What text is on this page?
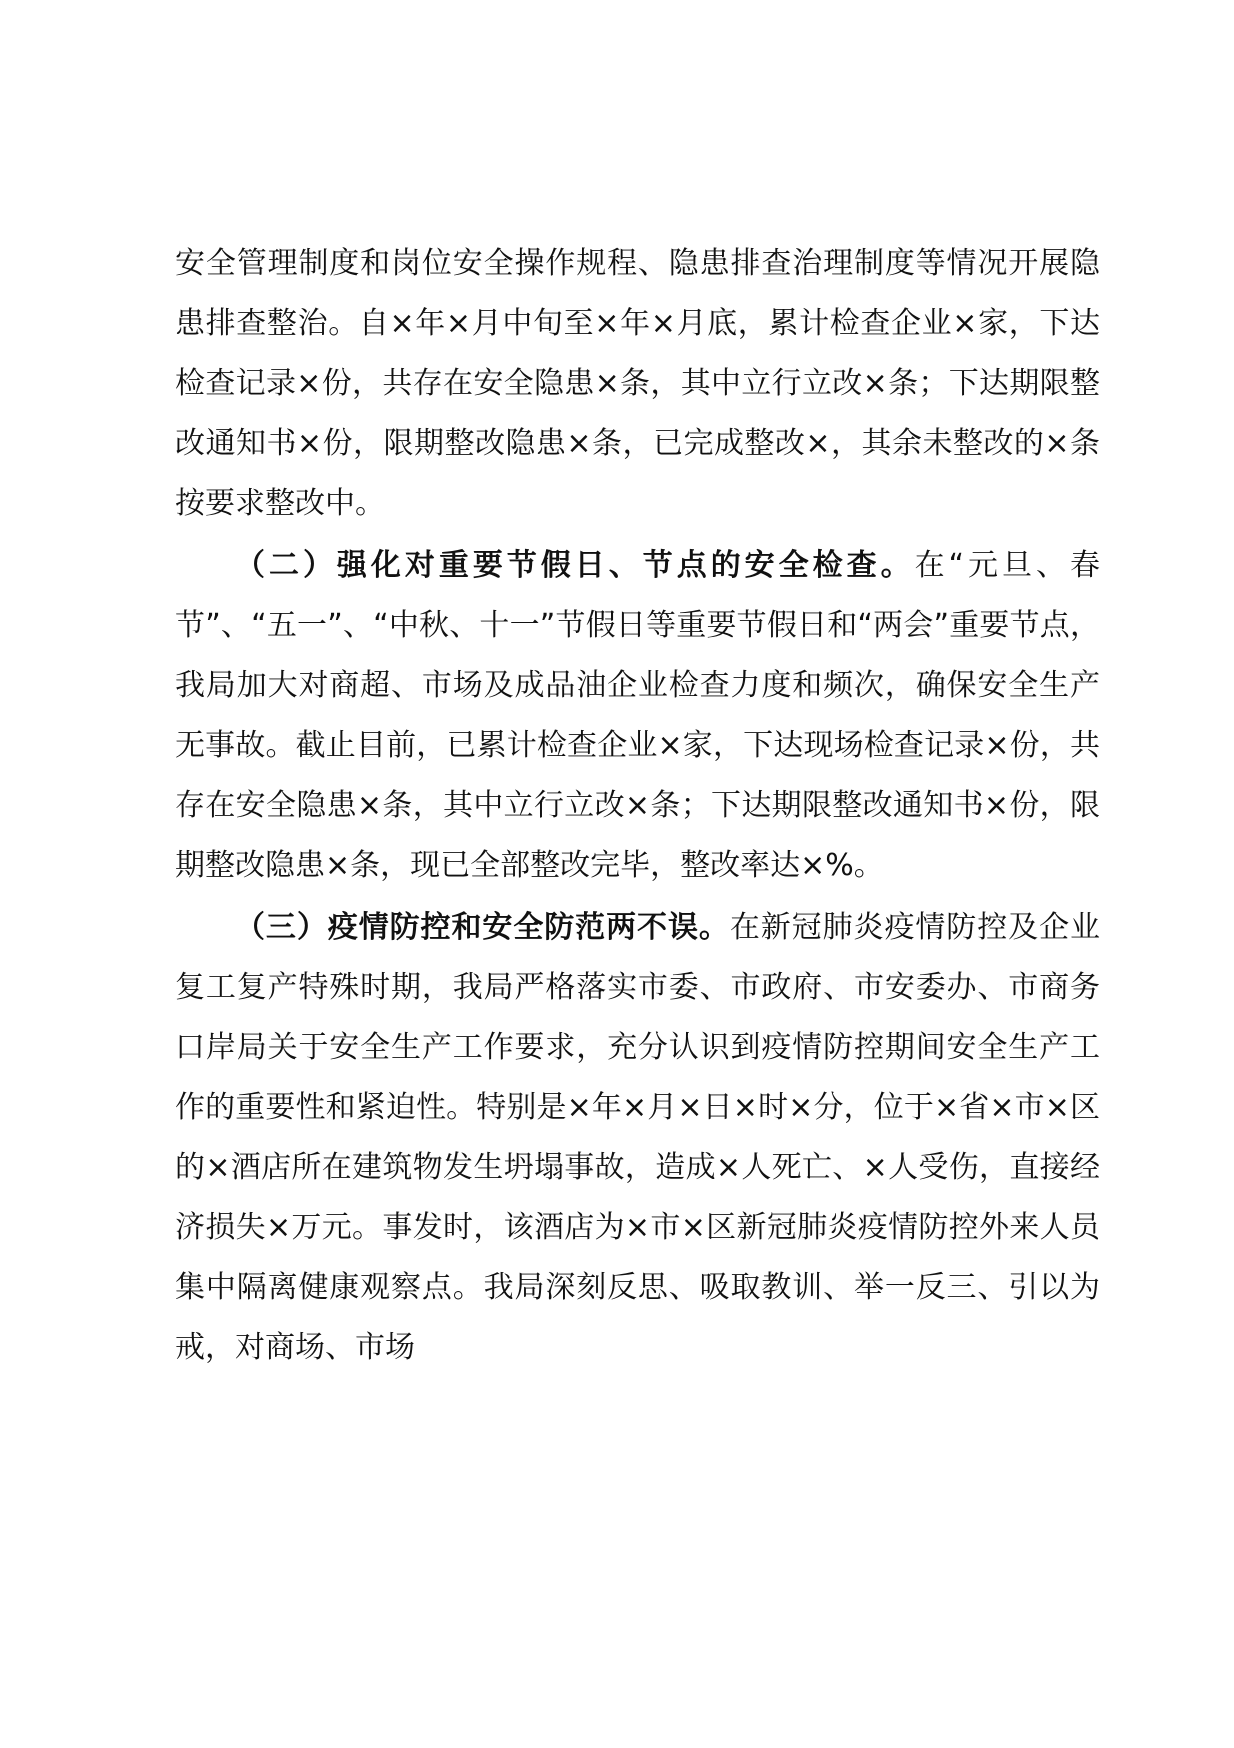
安全管理制度和岗位安全操作规程、隐患排查治理制度等情况开展隐患排查整治。自×年×月中旬至×年×月底，累计检查企业×家，下达检查记录×份，共存在安全隐患×条，其中立行立改×条；下达期限整改通知书×份，限期整改隐患×条，已完成整改×，其余未整改的×条按要求整改中。

（二）强化对重要节假日、节点的安全检查。在“元旦、春节”、“五一”、“中秋、十一”节假日等重要节假日和“两会”重要节点，我局加大对商超、市场及成品油企业检查力度和频次，确保安全生产无事故。截止目前，已累计检查企业×家，下达现场检查记录×份，共存在安全隐患×条，其中立行立改×条；下达期限整改通知书×份，限期整改隐患×条，现已全部整改完毕，整改率达×%。

（三）疫情防控和安全防范两不误。在新冠肺炎疫情防控及企业复工复产特殊时期，我局严格落实市委、市政府、市安委办、市商务口岸局关于安全生产工作要求，充分认识到疫情防控期间安全生产工作的重要性和紧迫性。特别是×年×月×日×时×分，位于×省×市×区的×酒店所在建筑物发生坍塌事故，造成×人死亡、×人受伤，直接经济损失×万元。事发时，该酒店为×市×区新冠肺炎疫情防控外来人员集中隔离健康观察点。我局深刻反思、吸取教训、举一反三、引以为戒，对商场、市场
